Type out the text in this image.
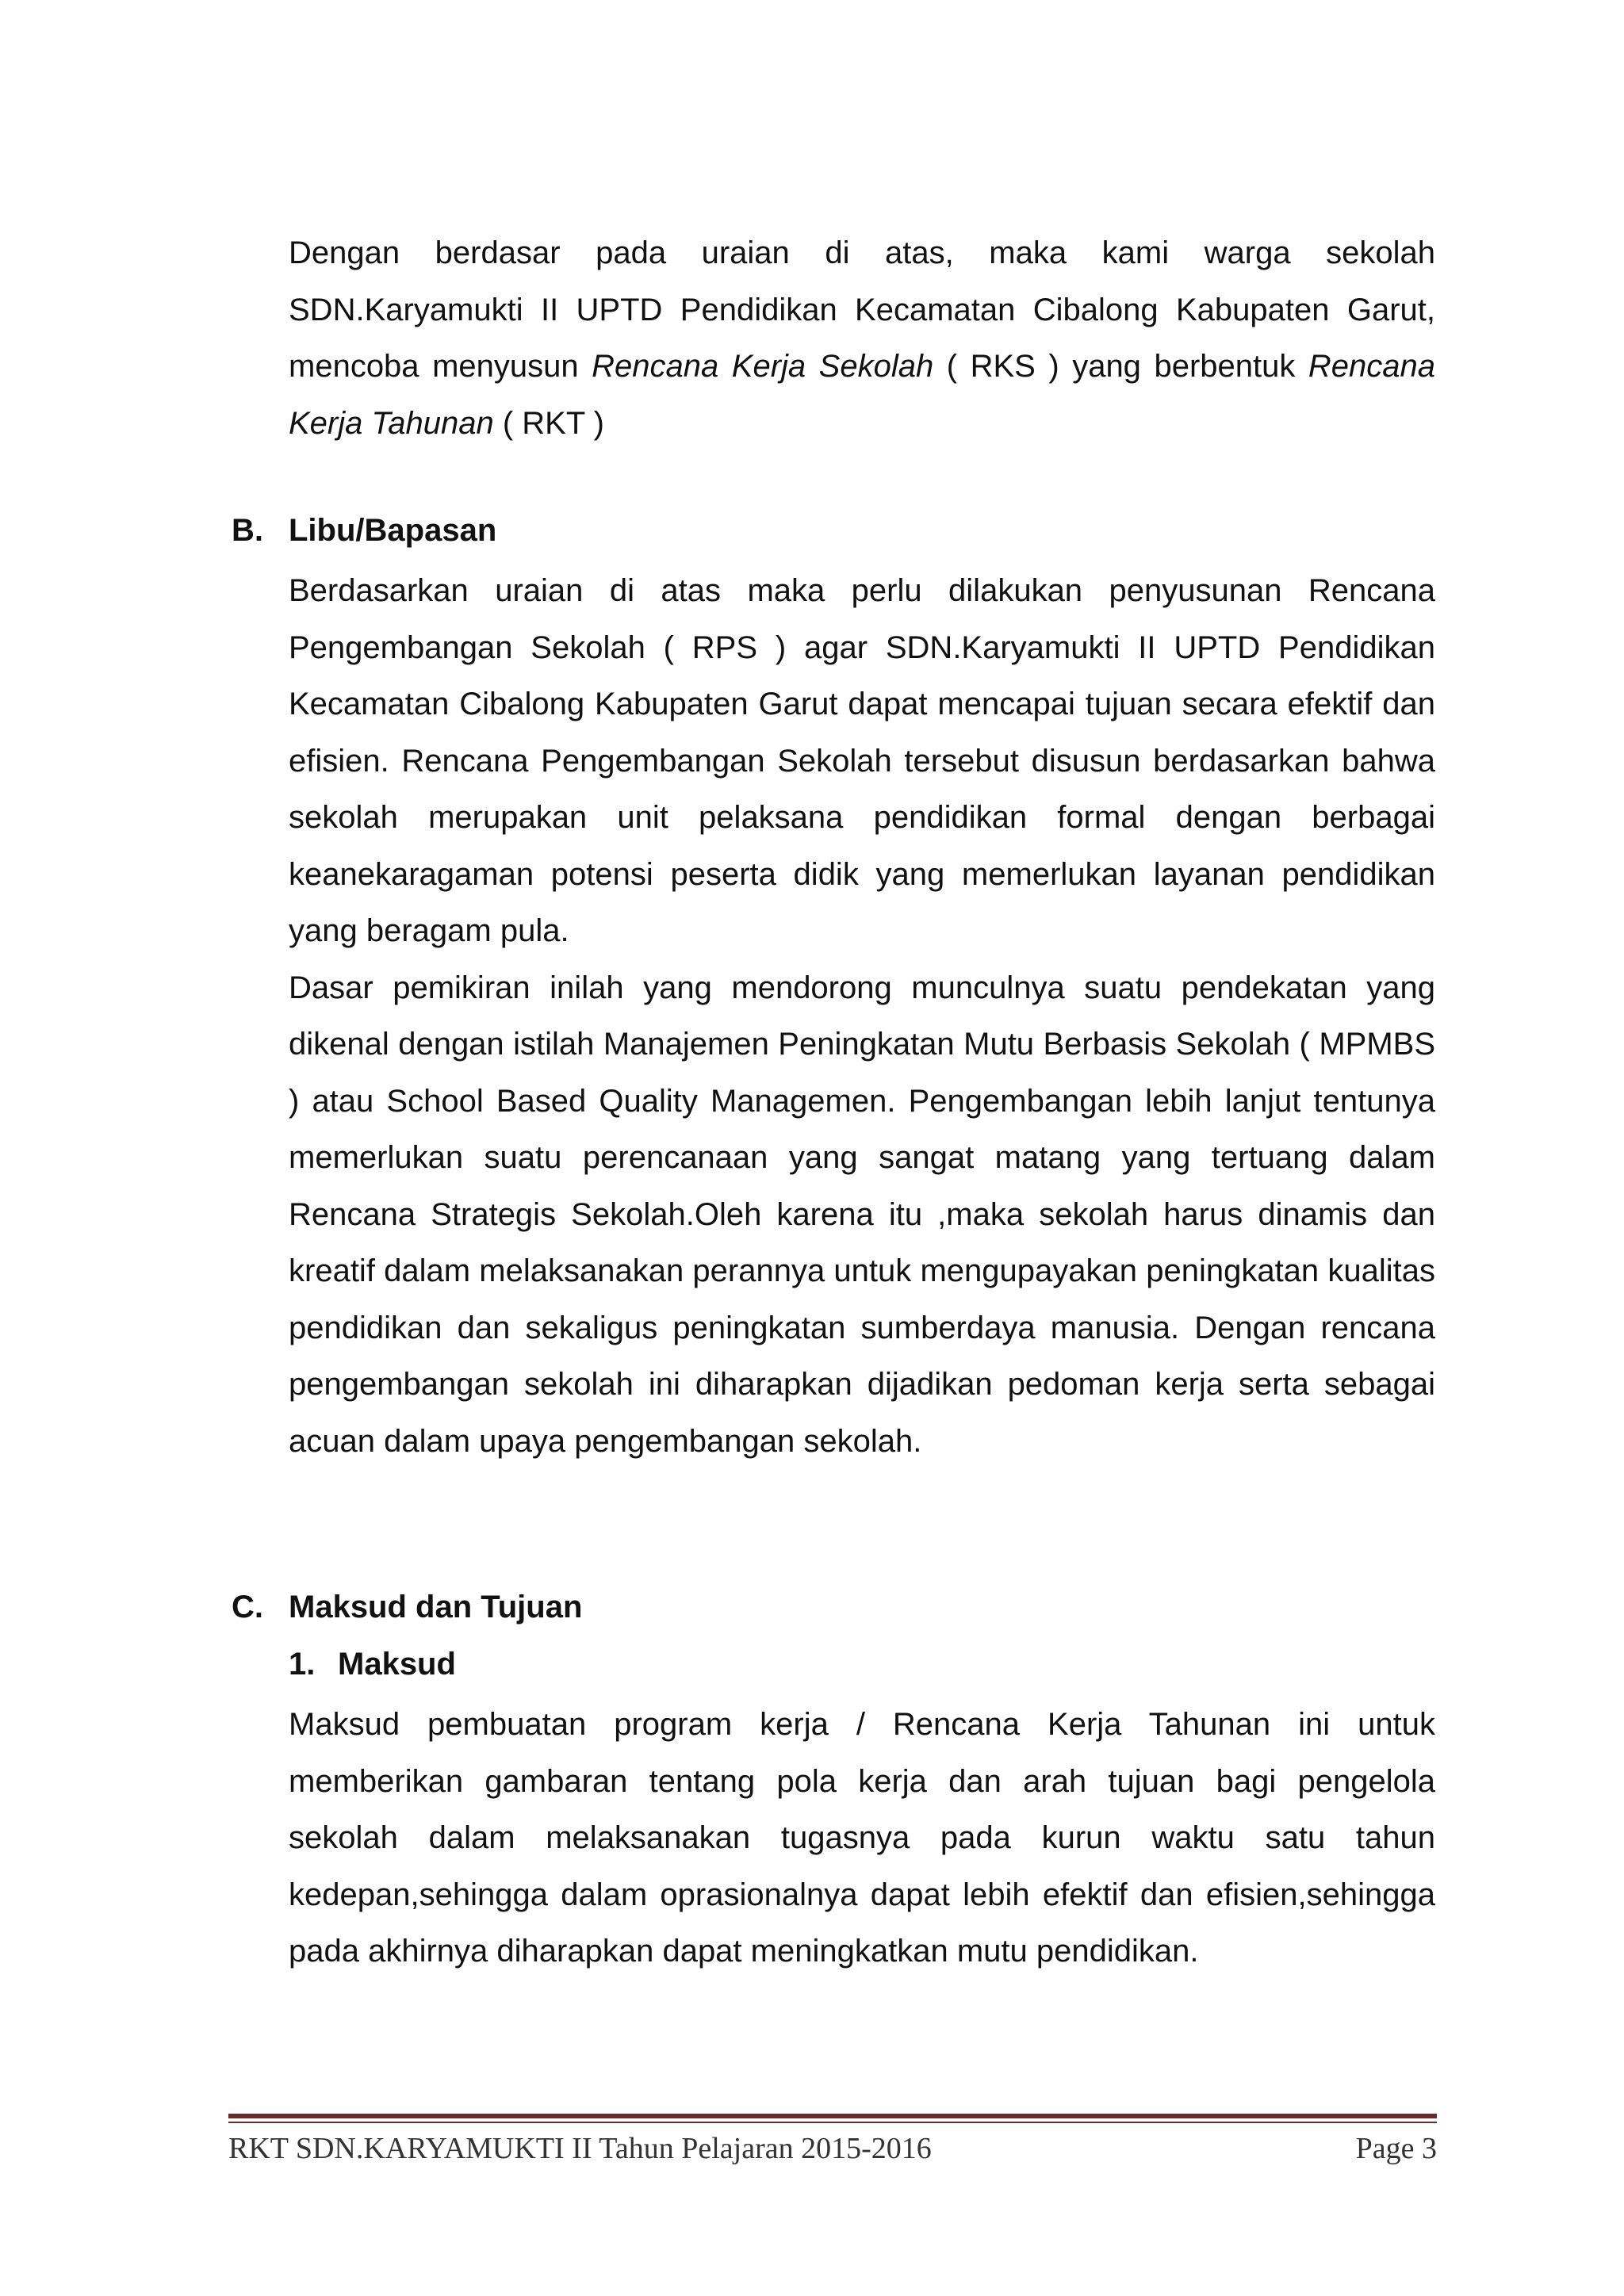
Dengan berdasar pada uraian di atas, maka kami warga sekolah SDN.Karyamukti II UPTD Pendidikan Kecamatan Cibalong Kabupaten Garut, mencoba menyusun Rencana Kerja Sekolah ( RKS ) yang berbentuk Rencana Kerja Tahunan ( RKT )

B. Libu/Bapasan

Berdasarkan uraian di atas maka perlu dilakukan penyusunan Rencana Pengembangan Sekolah ( RPS ) agar SDN.Karyamukti II UPTD Pendidikan Kecamatan Cibalong Kabupaten Garut dapat mencapai tujuan secara efektif dan efisien. Rencana Pengembangan Sekolah tersebut disusun berdasarkan bahwa sekolah merupakan unit pelaksana pendidikan formal dengan berbagai keanekaragaman potensi peserta didik yang memerlukan layanan pendidikan yang beragam pula.

Dasar pemikiran inilah yang mendorong munculnya suatu pendekatan yang dikenal dengan istilah Manajemen Peningkatan Mutu Berbasis Sekolah ( MPMBS ) atau School Based Quality Managemen. Pengembangan lebih lanjut tentunya memerlukan suatu perencanaan yang sangat matang yang tertuang dalam Rencana Strategis Sekolah.Oleh karena itu ,maka sekolah harus dinamis dan kreatif dalam melaksanakan perannya untuk mengupayakan peningkatan kualitas pendidikan dan sekaligus peningkatan sumberdaya manusia. Dengan rencana pengembangan sekolah ini diharapkan dijadikan pedoman kerja serta sebagai acuan dalam upaya pengembangan sekolah.

C. Maksud dan Tujuan
1. Maksud

Maksud pembuatan program kerja / Rencana Kerja Tahunan ini untuk memberikan gambaran tentang pola kerja dan arah tujuan bagi pengelola sekolah dalam melaksanakan tugasnya pada kurun waktu satu tahun kedepan,sehingga dalam oprasionalnya dapat lebih efektif dan efisien,sehingga pada akhirnya diharapkan dapat meningkatkan mutu pendidikan.

RKT SDN.KARYAMUKTI II Tahun Pelajaran 2015-2016	Page 3
